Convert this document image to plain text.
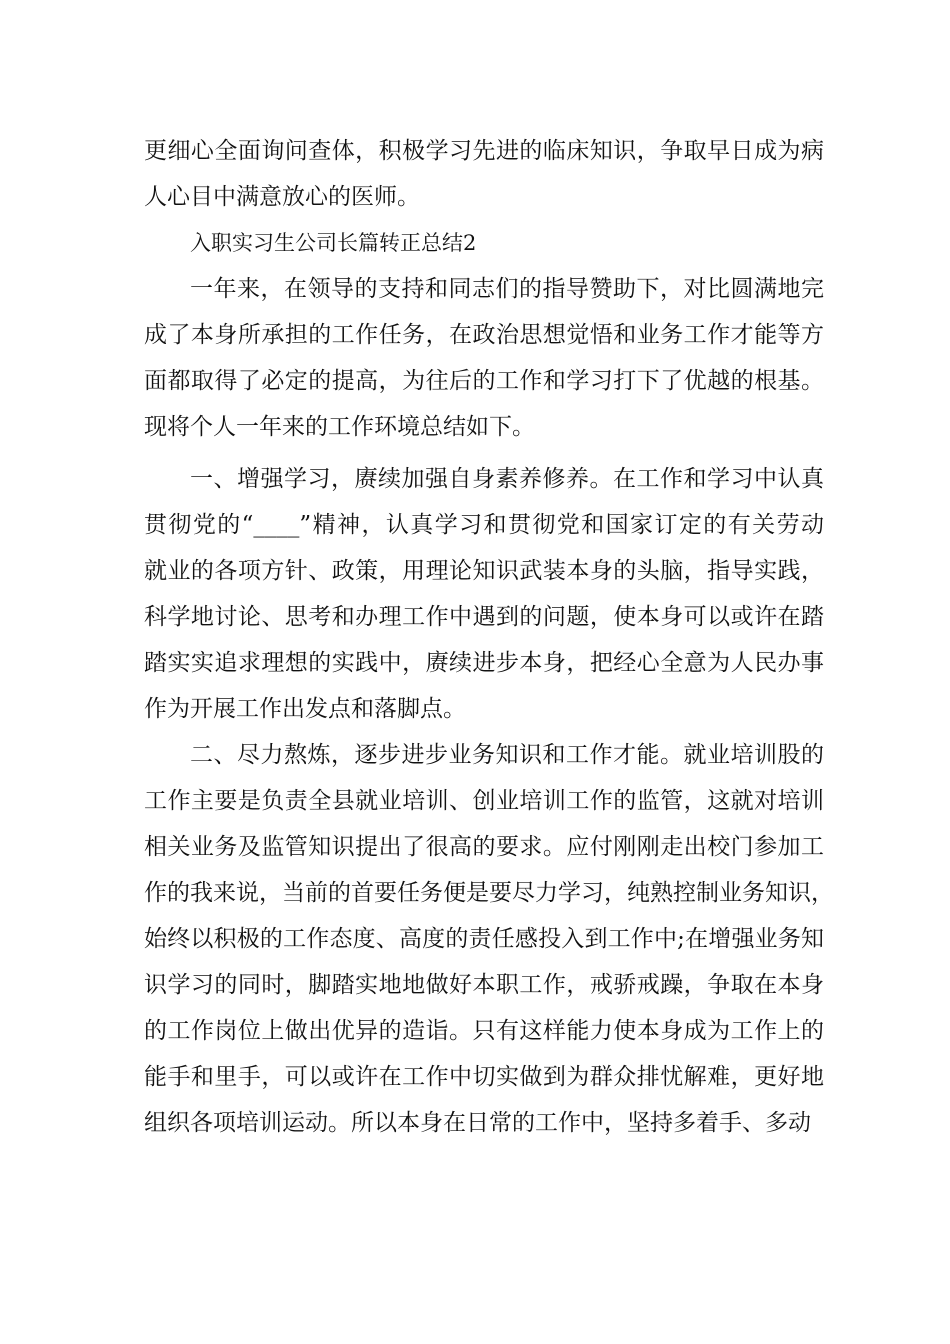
更细心全面询问查体，积极学习先进的临床知识，争取早日成为病
人心目中满意放心的医师。
入职实习生公司长篇转正总结2
一年来，在领导的支持和同志们的指导赞助下，对比圆满地完
成了本身所承担的工作任务，在政治思想觉悟和业务工作才能等方
面都取得了必定的提高，为往后的工作和学习打下了优越的根基。
现将个人一年来的工作环境总结如下。
一、增强学习，赓续加强自身素养修养。在工作和学习中认真
贯彻党的“____”精神，认真学习和贯彻党和国家订定的有关劳动
就业的各项方针、政策，用理论知识武装本身的头脑，指导实践，
科学地讨论、思考和办理工作中遇到的问题，使本身可以或许在踏
踏实实追求理想的实践中，赓续进步本身，把经心全意为人民办事
作为开展工作出发点和落脚点。
二、尽力熬炼，逐步进步业务知识和工作才能。就业培训股的
工作主要是负责全县就业培训、创业培训工作的监管，这就对培训
相关业务及监管知识提出了很高的要求。应付刚刚走出校门参加工
作的我来说，当前的首要任务便是要尽力学习，纯熟控制业务知识，
始终以积极的工作态度、高度的责任感投入到工作中;在增强业务知
识学习的同时，脚踏实地地做好本职工作，戒骄戒躁，争取在本身
的工作岗位上做出优异的造诣。只有这样能力使本身成为工作上的
能手和里手，可以或许在工作中切实做到为群众排忧解难，更好地
组织各项培训运动。所以本身在日常的工作中，坚持多着手、多动
